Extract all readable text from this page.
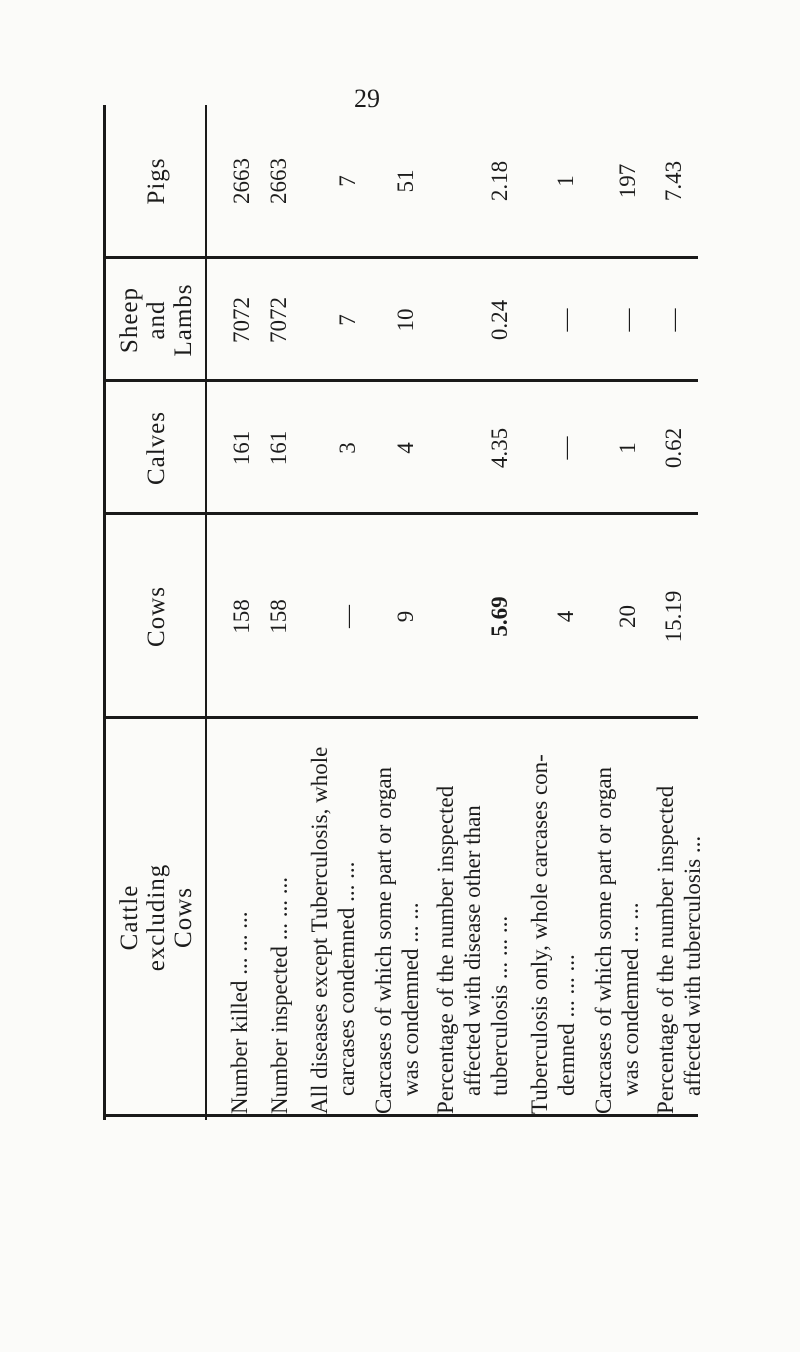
29
Cattle excluding Cows
Cows
Calves
Sheep and Lambs
Pigs
Number killed ... ... ... Number inspected ... ... ... All diseases except Tuberculosis, whole carcases condemned ... ... Carcases of which some part or organ was condemned ... ... Percentage of the number inspected affected with disease other than tuberculosis ... ... ... Tuberculosis only, whole carcases con- demned ... ... ... Carcases of which some part or organ was condemned ... ... Percentage of the number inspected affected with tuberculosis ...
158
161
7072
2663
158
161
7072
2663
—
3
7
7
9
4
10
51
5.69
4.35
0.24
2.18
4
—
—
1
20
1
—
197
15.19
0.62
—
7.43
